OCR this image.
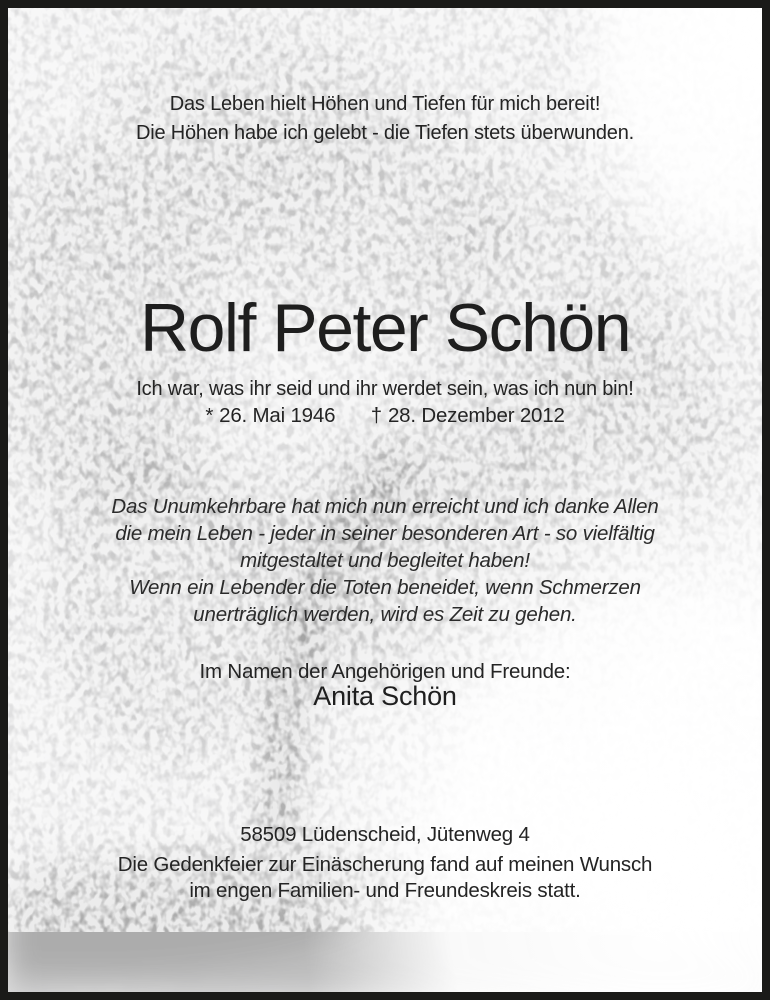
Das Leben hielt Höhen und Tiefen für mich bereit!
Die Höhen habe ich gelebt - die Tiefen stets überwunden.
Rolf Peter Schön
Ich war, was ihr seid und ihr werdet sein, was ich nun bin!
* 26. Mai 1946 † 28. Dezember 2012
Das Unumkehrbare hat mich nun erreicht und ich danke Allen
die mein Leben - jeder in seiner besonderen Art - so vielfältig
mitgestaltet und begleitet haben!
Wenn ein Lebender die Toten beneidet, wenn Schmerzen
unerträglich werden, wird es Zeit zu gehen.
Im Namen der Angehörigen und Freunde:
Anita Schön
58509 Lüdenscheid, Jütenweg 4
Die Gedenkfeier zur Einäscherung fand auf meinen Wunsch
im engen Familien- und Freundeskreis statt.
